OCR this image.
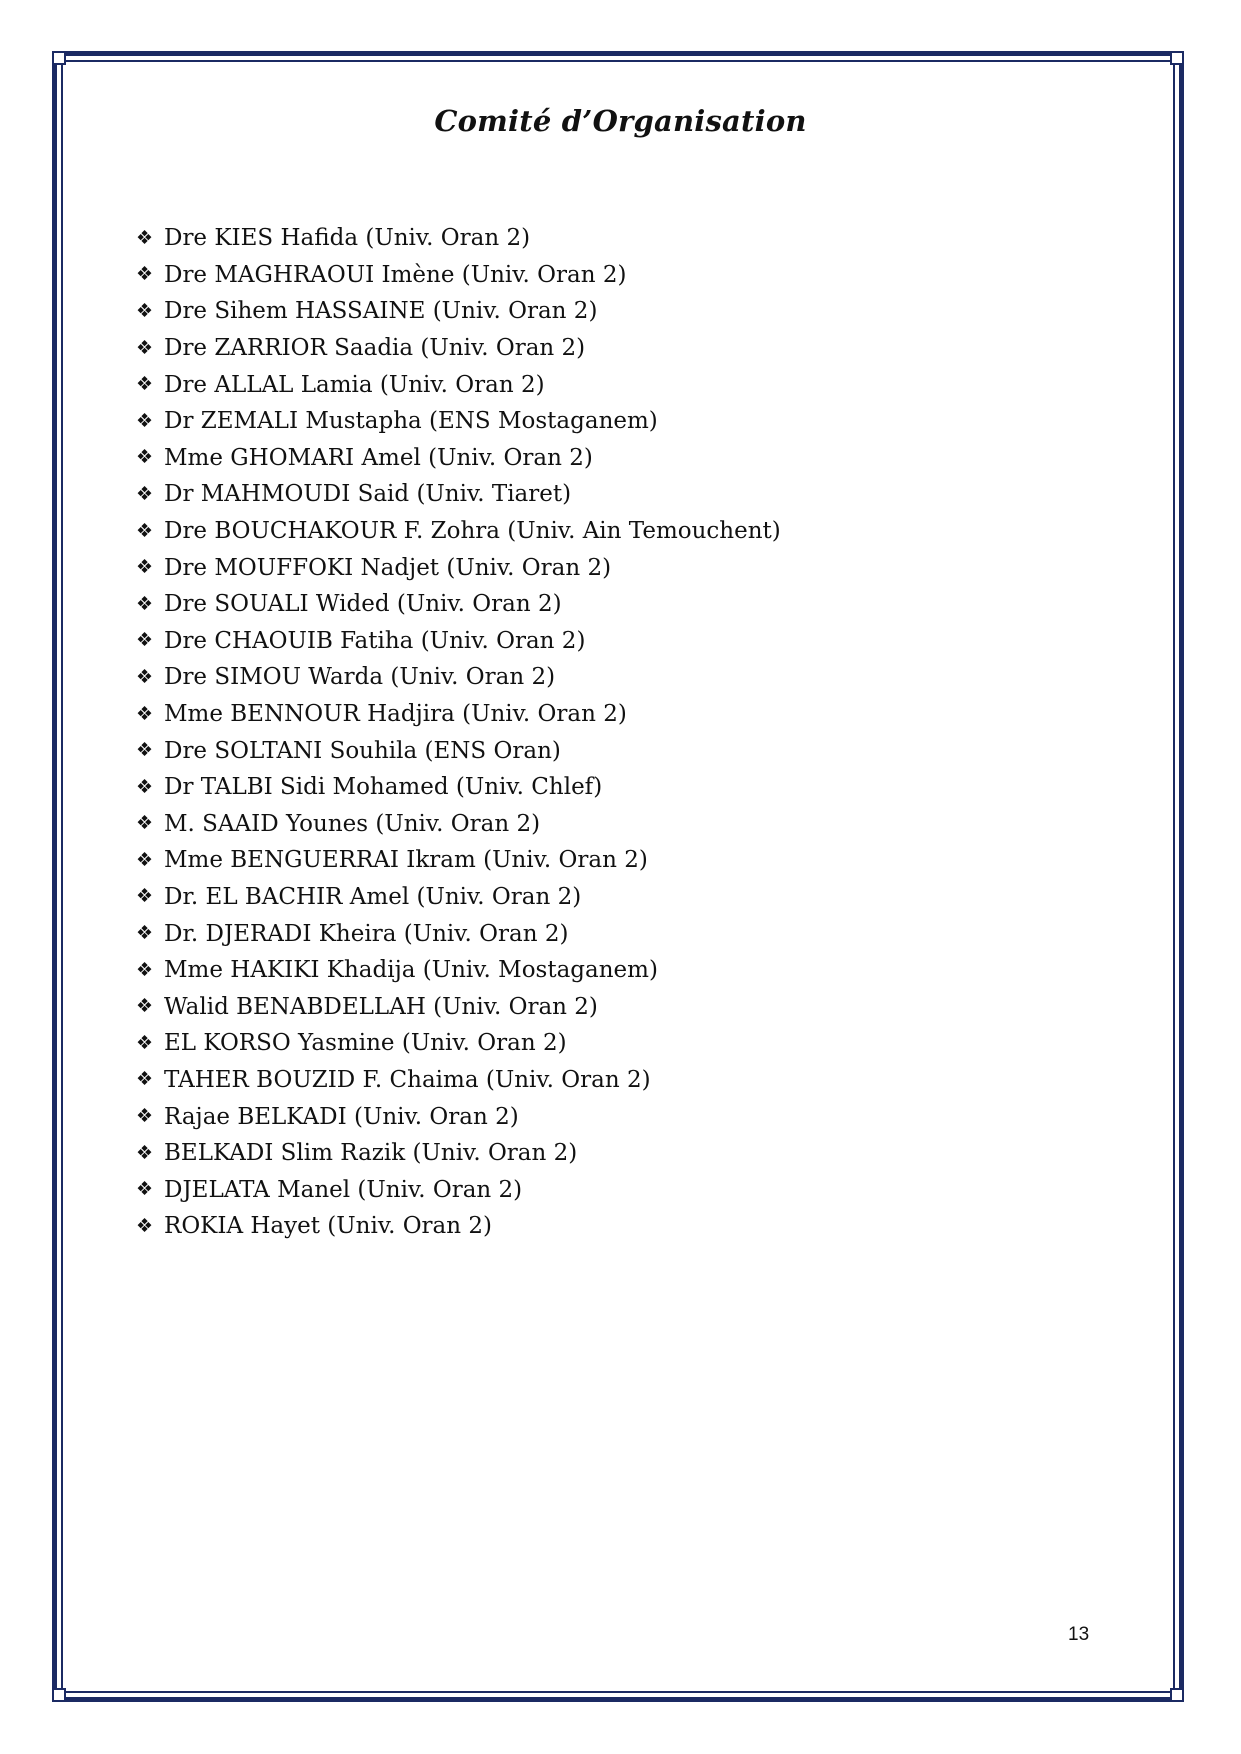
Comité d’Organisation
❖ Dre KIES Hafida (Univ. Oran 2)
❖ Dre MAGHRAOUI Imène (Univ. Oran 2)
❖ Dre Sihem HASSAINE (Univ. Oran 2)
❖ Dre ZARRIOR Saadia (Univ. Oran 2)
❖ Dre ALLAL Lamia (Univ. Oran 2)
❖ Dr ZEMALI Mustapha (ENS Mostaganem)
❖ Mme GHOMARI Amel (Univ. Oran 2)
❖ Dr MAHMOUDI Said (Univ. Tiaret)
❖ Dre BOUCHAKOUR F. Zohra (Univ. Ain Temouchent)
❖ Dre MOUFFOKI Nadjet (Univ. Oran 2)
❖ Dre SOUALI Wided (Univ. Oran 2)
❖ Dre CHAOUIB Fatiha (Univ. Oran 2)
❖ Dre SIMOU Warda (Univ. Oran 2)
❖ Mme BENNOUR Hadjira (Univ. Oran 2)
❖ Dre SOLTANI Souhila (ENS Oran)
❖ Dr TALBI Sidi Mohamed (Univ. Chlef)
❖ M. SAAID Younes (Univ. Oran 2)
❖ Mme BENGUERRAI Ikram (Univ. Oran 2)
❖ Dr. EL BACHIR Amel (Univ. Oran 2)
❖ Dr. DJERADI Kheira (Univ. Oran 2)
❖ Mme HAKIKI Khadija (Univ. Mostaganem)
❖ Walid BENABDELLAH (Univ. Oran 2)
❖ EL KORSO Yasmine (Univ. Oran 2)
❖ TAHER BOUZID F. Chaima (Univ. Oran 2)
❖ Rajae BELKADI (Univ. Oran 2)
❖ BELKADI Slim Razik (Univ. Oran 2)
❖ DJELATA Manel (Univ. Oran 2)
❖ ROKIA Hayet (Univ. Oran 2)
13
